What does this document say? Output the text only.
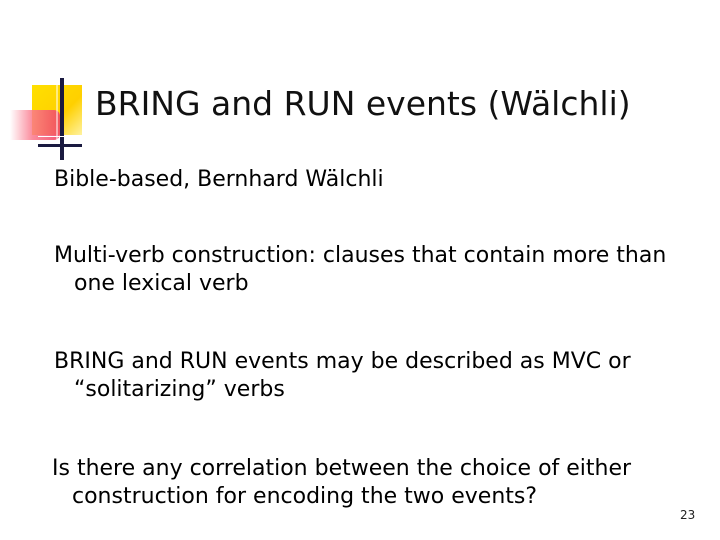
BRING and RUN events (Wälchli)
Bible-based, Bernhard Wälchli
Multi-verb construction: clauses that contain more than one lexical verb
BRING and RUN events may be described as MVC or “solitarizing” verbs
Is there any correlation between the choice of either construction for encoding the two events?
23
